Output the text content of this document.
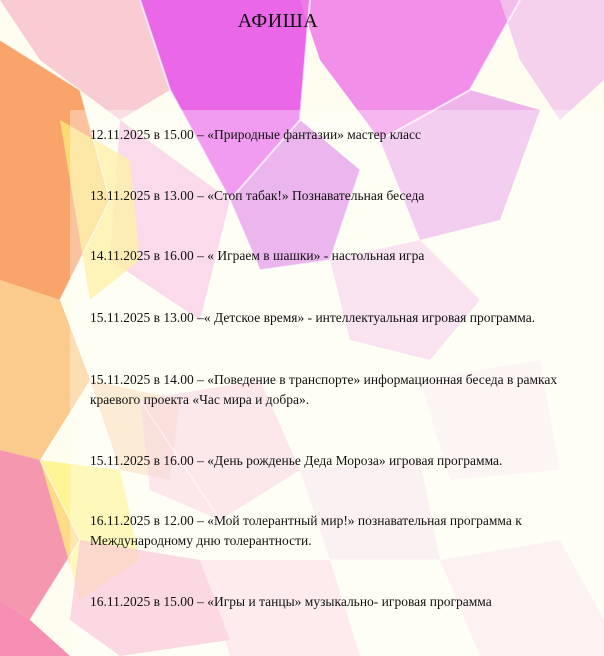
АФИША
12.11.2025 в 15.00 – «Природные фантазии» мастер класс
13.11.2025 в 13.00 – «Стоп табак!» Познавательная беседа
14.11.2025 в 16.00 – « Играем в шашки» - настольная игра
15.11.2025 в 13.00 –« Детское время» - интеллектуальная игровая программа.
15.11.2025 в 14.00 – «Поведение в транспорте» информационная беседа в рамках краевого проекта «Час мира и добра».
15.11.2025 в 16.00 – «День рожденье Деда Мороза» игровая программа.
16.11.2025 в 12.00 – «Мой толерантный мир!» познавательная программа к Международному дню толерантности.
16.11.2025 в 15.00 – «Игры и танцы» музыкально- игровая программа
